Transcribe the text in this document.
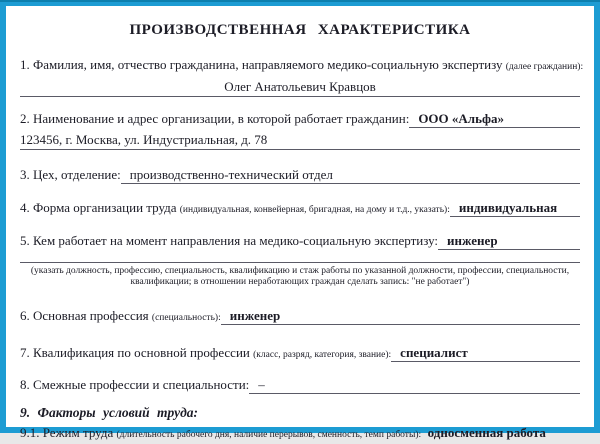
ПРОИЗВОДСТВЕННАЯ ХАРАКТЕРИСТИКА
1. Фамилия, имя, отчество гражданина, направляемого медико-социальную экспертизу
(далее гражданин):
Олег Анатольевич Кравцов
2. Наименование и адрес организации, в которой работает гражданин: ООО «Альфа»
123456, г. Москва, ул. Индустриальная, д. 78
3. Цех, отделение: производственно-технический отдел
4. Форма организации труда
(индивидуальная, конвейерная, бригадная, на дому и т.д., указать): индивидуальная
5. Кем работает на момент направления на медико-социальную экспертизу: инженер
(указать должность, профессию, специальность, квалификацию и стаж работы по указанной должности, профессии, специальности, квалификации; в отношении неработающих граждан сделать запись: "не работает")
6. Основная профессия
(специальность): инженер
7. Квалификация по основной профессии
(класс, разряд, категория, звание): специалист
8. Смежные профессии и специальности: –
9. Факторы условий труда:
9.1. Режим труда
(длительность рабочего дня, наличие перерывов, сменность, темп работы):
односменная работа
